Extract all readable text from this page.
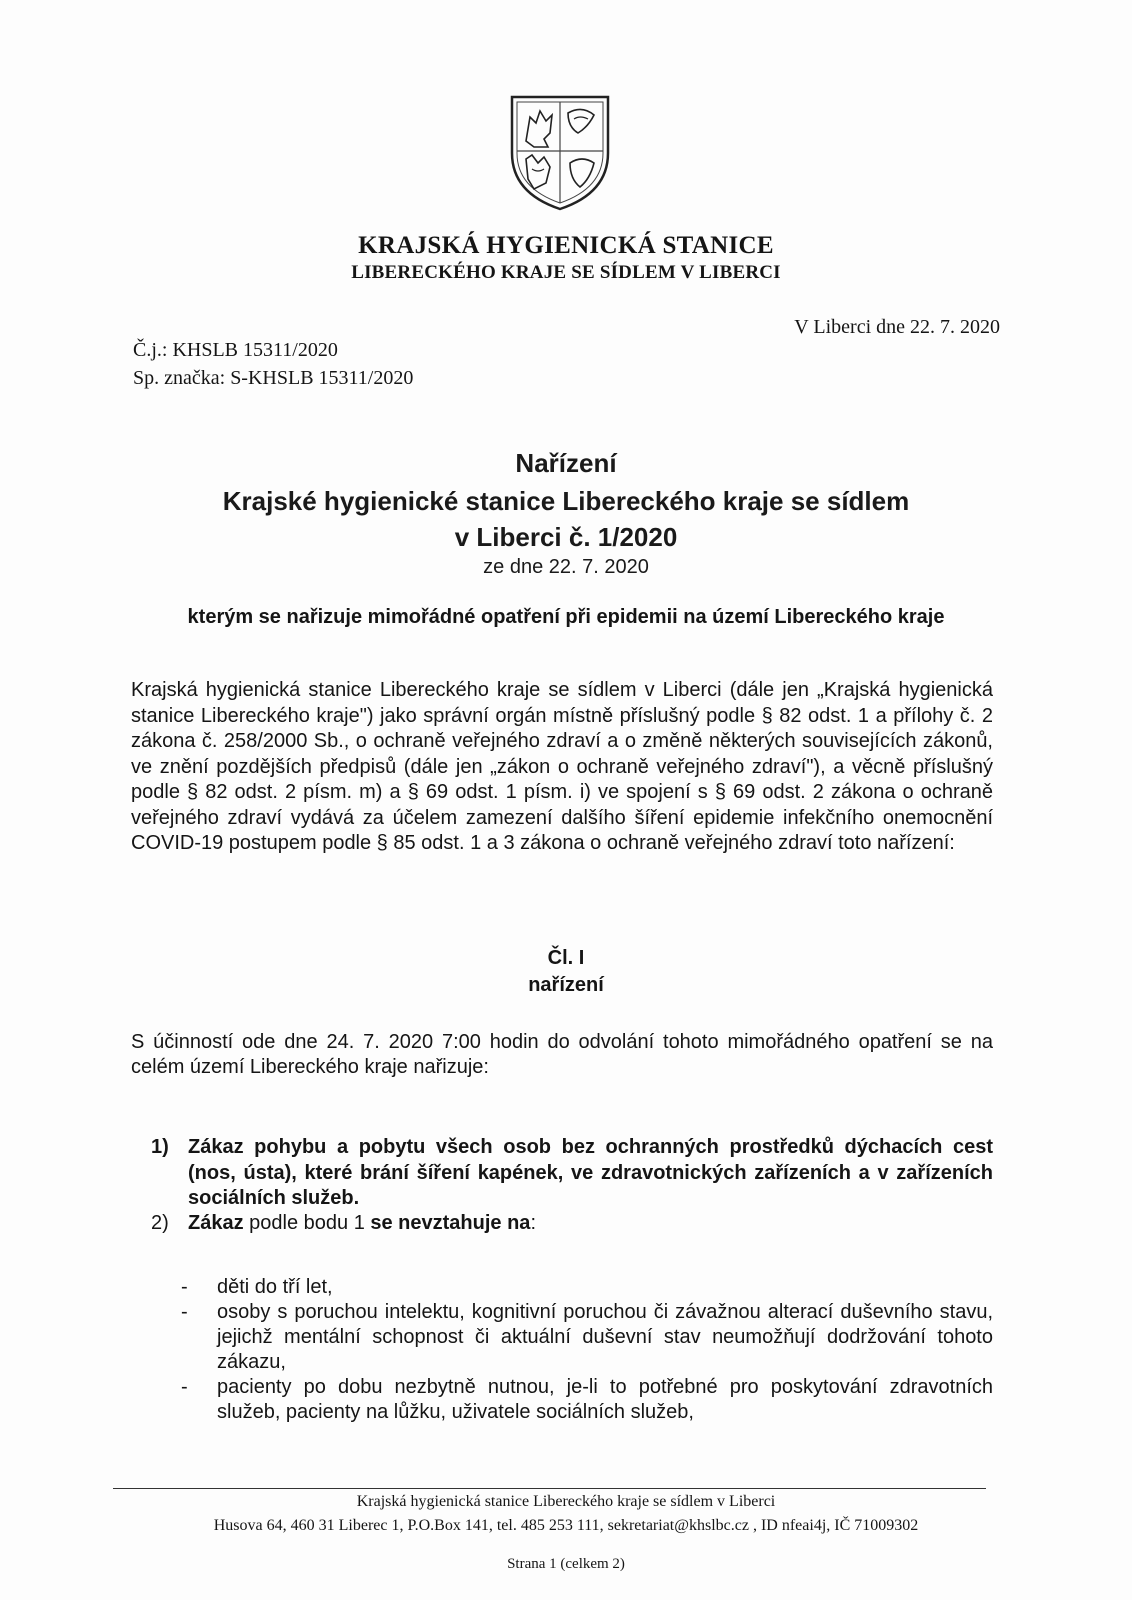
KRAJSKÁ HYGIENICKÁ STANICE
LIBERECKÉHO KRAJE SE SÍDLEM V LIBERCI
Č.j.: KHSLB 15311/2020
Sp. značka: S-KHSLB 15311/2020
V Liberci dne 22. 7. 2020
Nařízení
Krajské hygienické stanice Libereckého kraje se sídlem
v Liberci č. 1/2020
ze dne 22. 7. 2020
kterým se nařizuje mimořádné opatření při epidemii na území Libereckého kraje
Krajská hygienická stanice Libereckého kraje se sídlem v Liberci (dále jen „Krajská hygienická stanice Libereckého kraje") jako správní orgán místně příslušný podle § 82 odst. 1 a přílohy č. 2 zákona č. 258/2000 Sb., o ochraně veřejného zdraví a o změně některých souvisejících zákonů, ve znění pozdějších předpisů (dále jen „zákon o ochraně veřejného zdraví"), a věcně příslušný podle § 82 odst. 2 písm. m) a § 69 odst. 1 písm. i) ve spojení s § 69 odst. 2 zákona o ochraně veřejného zdraví vydává za účelem zamezení dalšího šíření epidemie infekčního onemocnění COVID-19 postupem podle § 85 odst. 1 a 3 zákona o ochraně veřejného zdraví toto nařízení:
Čl. I
nařízení
S účinností ode dne 24. 7. 2020 7:00 hodin do odvolání tohoto mimořádného opatření se na celém území Libereckého kraje nařizuje:
1) Zákaz pohybu a pobytu všech osob bez ochranných prostředků dýchacích cest (nos, ústa), které brání šíření kapének, ve zdravotnických zařízeních a v zařízeních sociálních služeb.
2) Zákaz podle bodu 1 se nevztahuje na:
- děti do tří let,
- osoby s poruchou intelektu, kognitivní poruchou či závažnou alterací duševního stavu, jejichž mentální schopnost či aktuální duševní stav neumožňují dodržování tohoto zákazu,
- pacienty po dobu nezbytně nutnou, je-li to potřebné pro poskytování zdravotních služeb, pacienty na lůžku, uživatele sociálních služeb,
Krajská hygienická stanice Libereckého kraje se sídlem v Liberci
Husova 64, 460 31 Liberec 1, P.O.Box 141, tel. 485 253 111, sekretariat@khslbc.cz , ID nfeai4j, IČ 71009302
Strana 1 (celkem 2)
